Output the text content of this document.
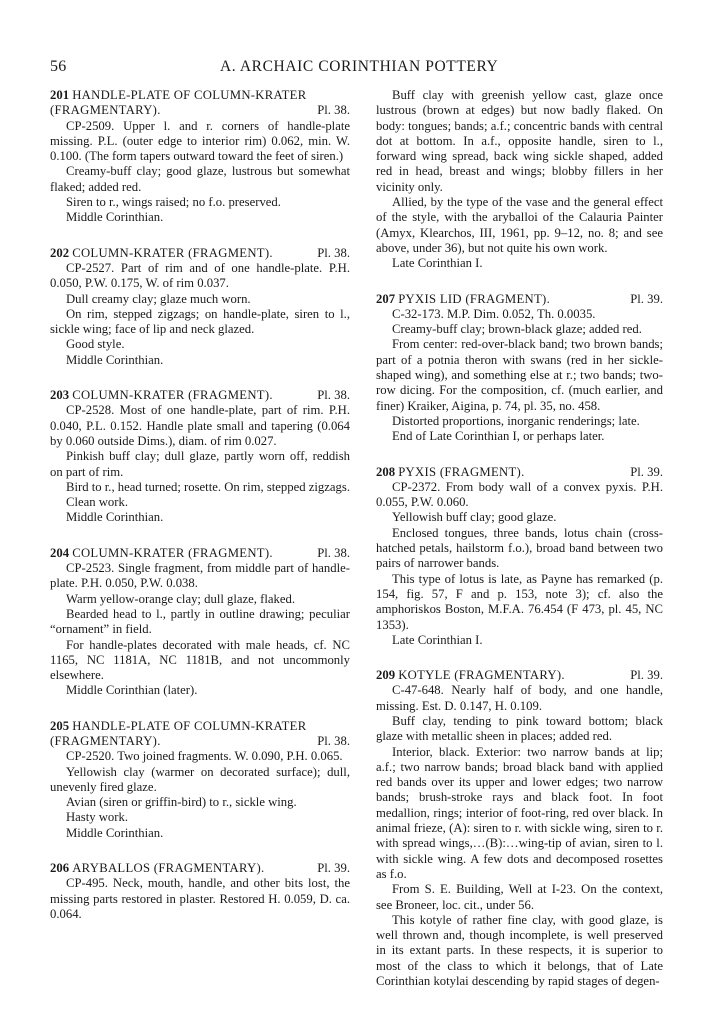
56	A. ARCHAIC CORINTHIAN POTTERY
201 HANDLE-PLATE OF COLUMN-KRATER
(FRAGMENTARY).	Pl. 38.

CP-2509. Upper l. and r. corners of handle-plate missing. P.L. (outer edge to interior rim) 0.062, min. W. 0.100. (The form tapers outward toward the feet of siren.)

Creamy-buff clay; good glaze, lustrous but somewhat flaked; added red.

Siren to r., wings raised; no f.o. preserved.

Middle Corinthian.

202 COLUMN-KRATER (FRAGMENT).	Pl. 38.

CP-2527. Part of rim and of one handle-plate. P.H. 0.050, P.W. 0.175, W. of rim 0.037.

Dull creamy clay; glaze much worn.

On rim, stepped zigzags; on handle-plate, siren to l., sickle wing; face of lip and neck glazed.

Good style.

Middle Corinthian.

203 COLUMN-KRATER (FRAGMENT).	Pl. 38.

CP-2528. Most of one handle-plate, part of rim. P.H. 0.040, P.L. 0.152. Handle plate small and tapering (0.064 by 0.060 outside Dims.), diam. of rim 0.027.

Pinkish buff clay; dull glaze, partly worn off, reddish on part of rim.

Bird to r., head turned; rosette. On rim, stepped zigzags.

Clean work.

Middle Corinthian.

204 COLUMN-KRATER (FRAGMENT).	Pl. 38.

CP-2523. Single fragment, from middle part of handle-plate. P.H. 0.050, P.W. 0.038.

Warm yellow-orange clay; dull glaze, flaked.

Bearded head to l., partly in outline drawing; peculiar “ornament” in field.

For handle-plates decorated with male heads, cf. NC 1165, NC 1181A, NC 1181B, and not uncommonly elsewhere.

Middle Corinthian (later).

205 HANDLE-PLATE OF COLUMN-KRATER
(FRAGMENTARY).	Pl. 38.

CP-2520. Two joined fragments. W. 0.090, P.H. 0.065.

Yellowish clay (warmer on decorated surface); dull, unevenly fired glaze.

Avian (siren or griffin-bird) to r., sickle wing.

Hasty work.

Middle Corinthian.

206 ARYBALLOS (FRAGMENTARY).	Pl. 39.

CP-495. Neck, mouth, handle, and other bits lost, the missing parts restored in plaster. Restored H. 0.059, D. ca. 0.064.

Buff clay with greenish yellow cast, glaze once lustrous (brown at edges) but now badly flaked. On body: tongues; bands; a.f.; concentric bands with central dot at bottom. In a.f., opposite handle, siren to l., forward wing spread, back wing sickle shaped, added red in head, breast and wings; blobby fillers in her vicinity only.

Allied, by the type of the vase and the general effect of the style, with the aryballoi of the Calauria Painter (Amyx, Klearchos, III, 1961, pp. 9–12, no. 8; and see above, under 36), but not quite his own work.

Late Corinthian I.

207 PYXIS LID (FRAGMENT).	Pl. 39.

C-32-173. M.P. Dim. 0.052, Th. 0.0035.

Creamy-buff clay; brown-black glaze; added red.

From center: red-over-black band; two brown bands; part of a potnia theron with swans (red in her sickle-shaped wing), and something else at r.; two bands; two-row dicing. For the composition, cf. (much earlier, and finer) Kraiker, Aigina, p. 74, pl. 35, no. 458.

Distorted proportions, inorganic renderings; late.

End of Late Corinthian I, or perhaps later.

208 PYXIS (FRAGMENT).	Pl. 39.

CP-2372. From body wall of a convex pyxis. P.H. 0.055, P.W. 0.060.

Yellowish buff clay; good glaze.

Enclosed tongues, three bands, lotus chain (cross-hatched petals, hailstorm f.o.), broad band between two pairs of narrower bands.

This type of lotus is late, as Payne has remarked (p. 154, fig. 57, F and p. 153, note 3); cf. also the amphoriskos Boston, M.F.A. 76.454 (F 473, pl. 45, NC 1353).

Late Corinthian I.

209 KOTYLE (FRAGMENTARY).	Pl. 39.

C-47-648. Nearly half of body, and one handle, missing. Est. D. 0.147, H. 0.109.

Buff clay, tending to pink toward bottom; black glaze with metallic sheen in places; added red.

Interior, black. Exterior: two narrow bands at lip; a.f.; two narrow bands; broad black band with applied red bands over its upper and lower edges; two narrow bands; brush-stroke rays and black foot. In foot medallion, rings; interior of foot-ring, red over black. In animal frieze, (A): siren to r. with sickle wing, siren to r. with spread wings,…(B):…wing-tip of avian, siren to l. with sickle wing. A few dots and decomposed rosettes as f.o.

From S. E. Building, Well at I-23. On the context, see Broneer, loc. cit., under 56.

This kotyle of rather fine clay, with good glaze, is well thrown and, though incomplete, is well preserved in its extant parts. In these respects, it is superior to most of the class to which it belongs, that of Late Corinthian kotylai descending by rapid stages of degen-
